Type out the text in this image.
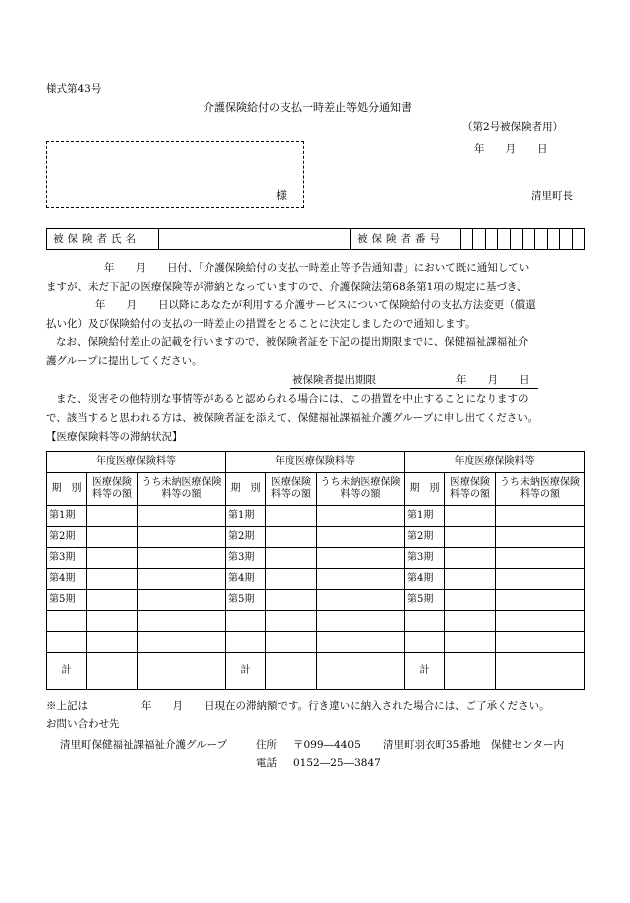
様式第43号
介護保険給付の支払一時差止等処分通知書
（第2号被保険者用）
年　　月　　日
様	清里町長
被保険者氏名		被保険者番号										
年　　月　　日付、「介護保険給付の支払一時差止等予告通知書」において既に通知してい
ますが、未だ下記の医療保険等が滞納となっていますので、介護保険法第68条第1項の規定に基づき、
年　　月　　日以降にあなたが利用する介護サービスについて保険給付の支払方法変更（償還
払い化）及び保険給付の支払の一時差止の措置をとることに決定しましたので通知します。
なお、保険給付差止の記載を行いますので、被保険者証を下記の提出期限までに、保健福祉課福祉介
護グループに提出してください。
被保険者提出期限	年　　月　　日
また、災害その他特別な事情等があると認められる場合には、この措置を中止することになりますの
で、該当すると思われる方は、被保険者証を添えて、保健福祉課福祉介護グループに申し出てください。
【医療保険料等の滞納状況】
年度医療保険料等			年度医療保険料等			年度医療保険料等		
期　別	医療保険料等の額	うち未納医療保険料等の額	期　別	医療保険料等の額	うち未納医療保険料等の額	期　別	医療保険料等の額	うち未納医療保険料等の額
第1期			第1期			第1期		
第2期			第2期			第2期		
第3期			第3期			第3期		
第4期			第4期			第4期		
第5期			第5期			第5期		

計			計			計		
※上記は	年　　月　　日現在の滞納額です。行き違いに納入された場合には、ご了承ください。
お問い合わせ先
清里町保健福祉課福祉介護グループ	住所 〒099―4405 清里町羽衣町35番地　保健センター内
電話 0152―25―3847
